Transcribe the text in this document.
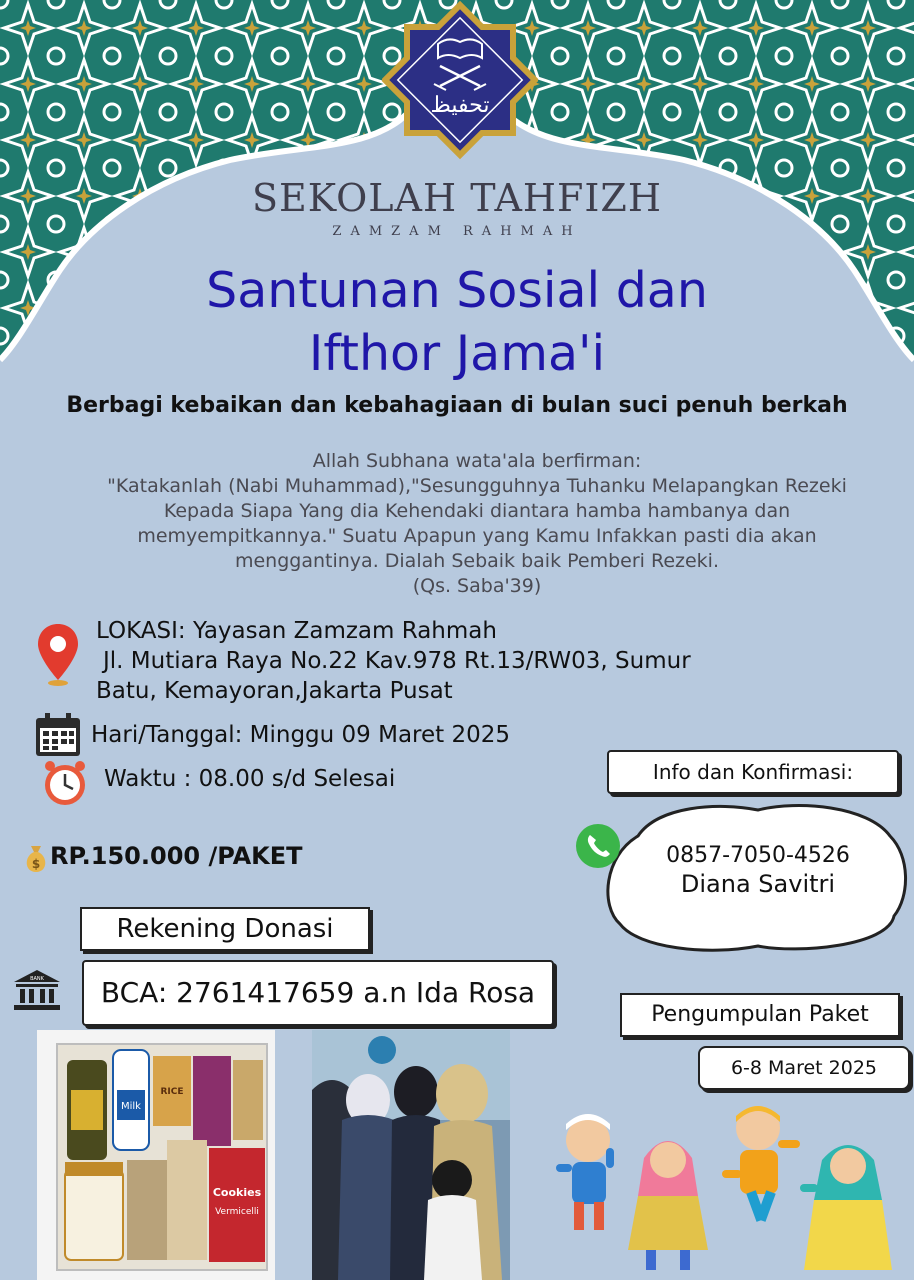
تحفيظ
SEKOLAH TAHFIZH
ZAMZAM RAHMAH
Santunan Sosial dan
Ifthor Jama'i
Berbagi kebaikan dan kebahagiaan di bulan suci penuh berkah
Allah Subhana wata'ala berfirman:
"Katakanlah (Nabi Muhammad),"Sesungguhnya Tuhanku Melapangkan Rezeki
Kepada Siapa Yang dia Kehendaki diantara hamba hambanya dan
memyempitkannya." Suatu Apapun yang Kamu Infakkan pasti dia akan
menggantinya. Dialah Sebaik baik Pemberi Rezeki.
(Qs. Saba'39)
LOKASI: Yayasan Zamzam Rahmah
Jl. Mutiara Raya No.22 Kav.978 Rt.13/RW03, Sumur
Batu, Kemayoran,Jakarta Pusat
Hari/Tanggal: Minggu 09 Maret 2025
Waktu : 08.00 s/d Selesai
$ RP.150.000 /PAKET
Rekening Donasi
BANK	BCA: 2761417659 a.n Ida Rosa
Info dan Konfirmasi:
0857-7050-4526
Diana Savitri
Pengumpulan Paket
6-8 Maret 2025
Milk
RICE
Cookies
Vermicelli
